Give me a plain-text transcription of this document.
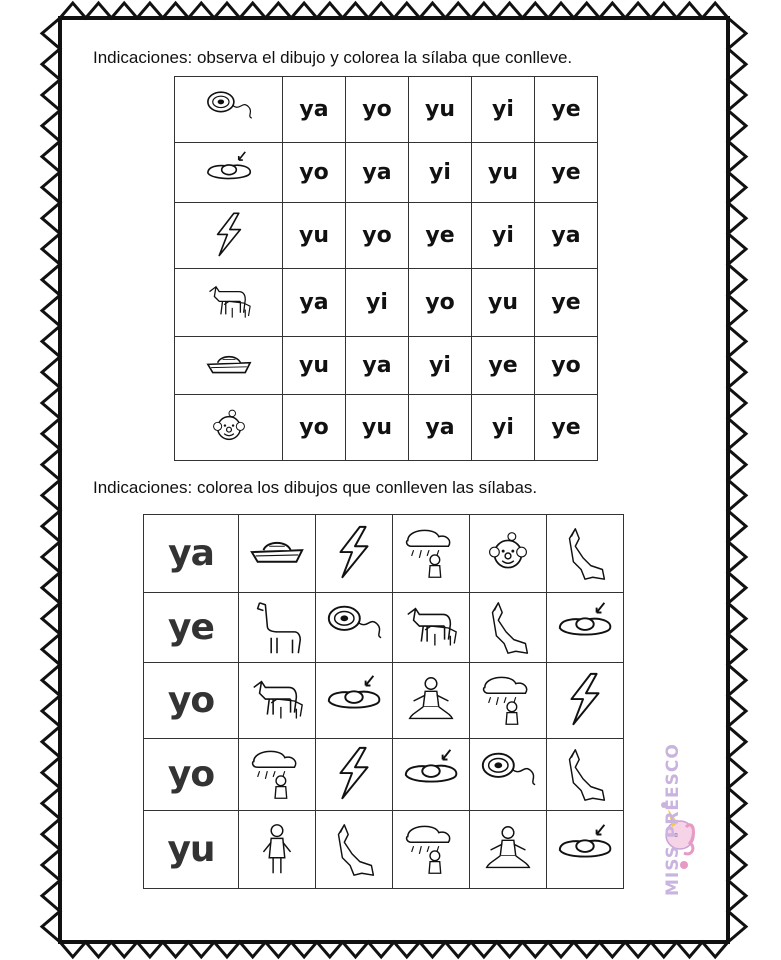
Indicaciones: observa el dibujo y colorea la sílaba que conlleve.
	ya	yo	yu	yi	ye

	yo	ya	yi	yu	ye

	yu	yo	ye	yi	ya

	ya	yi	yo	yu	ye

	yu	ya	yi	ye	yo

	yo	yu	ya	yi	ye
Indicaciones: colorea los dibujos que conlleven las sílabas.
ya	

ye	

yo	

yo	

yu	

		MISS PREESCO
